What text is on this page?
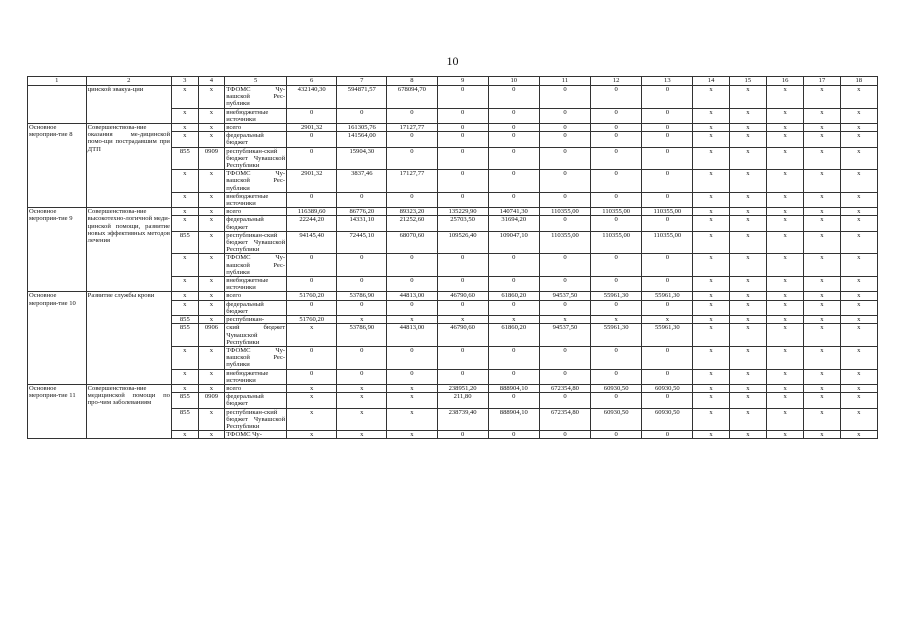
10
1	2	3	4	5	6	7	8	9	10	11	12	13	14	15	16	17	18
	цинской эвакуа-ции	х	х	ТФОМС Чу-вашской Рес-публики	432140,30	594871,57	678094,70	0	0	0	0	0	х	х	х	х	х
		х	х	внебюджетные источники	0	0	0	0	0	0	0	0	х	х	х	х	х
Основное мероприя-тие 8	Совершенствова-ние оказания ме-дицинской помо-щи пострадавшим при ДТП	х	х	всего	2901,32	161305,76	17127,77	0	0	0	0	0	х	х	х	х	х
		х	х	федеральный бюджет	0	141564,00	0	0	0	0	0	0	х	х	х	х	х
		855	0909	республикан-ский бюджет Чувашской Республики	0	15904,30	0	0	0	0	0	0	х	х	х	х	х
		х	х	ТФОМС Чу-вашской Рес-публики	2901,32	3837,46	17127,77	0	0	0	0	0	х	х	х	х	х
		х	х	внебюджетные источники	0	0	0	0	0	0	0	0	х	х	х	х	х
Основное мероприя-тие 9	Совершенствова-ние высокотехно-логичной меди-цинской помощи, развитие новых эффективных методов лечения	х	х	всего	116389,60	86776,20	89323,20	135229,90	140741,30	110355,00	110355,00	110355,00	х	х	х	х	х
		х	х	федеральный бюджет	22244,20	14331,10	21252,60	25703,50	31694,20	0	0	0	х	х	х	х	х
		855	х	республикан-ский бюджет Чувашской Республики	94145,40	72445,10	68070,60	109526,40	109047,10	110355,00	110355,00	110355,00	х	х	х	х	х
		х	х	ТФОМС Чу-вашской Рес-публики	0	0	0	0	0	0	0	0	х	х	х	х	х
		х	х	внебюджетные источники	0	0	0	0	0	0	0	0	х	х	х	х	х
Основное мероприя-тие 10	Развитие службы крови	х	х	всего	51760,20	53786,90	44813,00	46790,60	61860,20	94537,50	55961,30	55961,30	х	х	х	х	х
		х	х	федеральный бюджет	0	0	0	0	0	0	0	0	х	х	х	х	х
		855	х	республикан-	51760,20	х	х	х	х	х	х	х	х	х	х	х	х
		855	0906	ский бюджет Чувашской Республики	х	53786,90	44813,00	46790,60	61860,20	94537,50	55961,30	55961,30	х	х	х	х	х
		х	х	ТФОМС Чу-вашской Рес-публики	0	0	0	0	0	0	0	0	х	х	х	х	х
		х	х	внебюджетные источники	0	0	0	0	0	0	0	0	х	х	х	х	х
Основное мероприя-тие 11	Совершенствова-ние медицинской помощи по про-чим заболеваниям	х	х	всего	х	х	х	238951,20	888904,10	672354,80	60930,50	60930,50	х	х	х	х	х
		855	0909	федеральный бюджет	х	х	х	211,80	0	0	0	0	х	х	х	х	х
		855	х	республикан-ский бюджет Чувашской Республики	х	х	х	238739,40	888904,10	672354,80	60930,50	60930,50	х	х	х	х	х
		х	х	ТФОМС Чу-	х	х	х	0	0	0	0	0	х	х	х	х	х
